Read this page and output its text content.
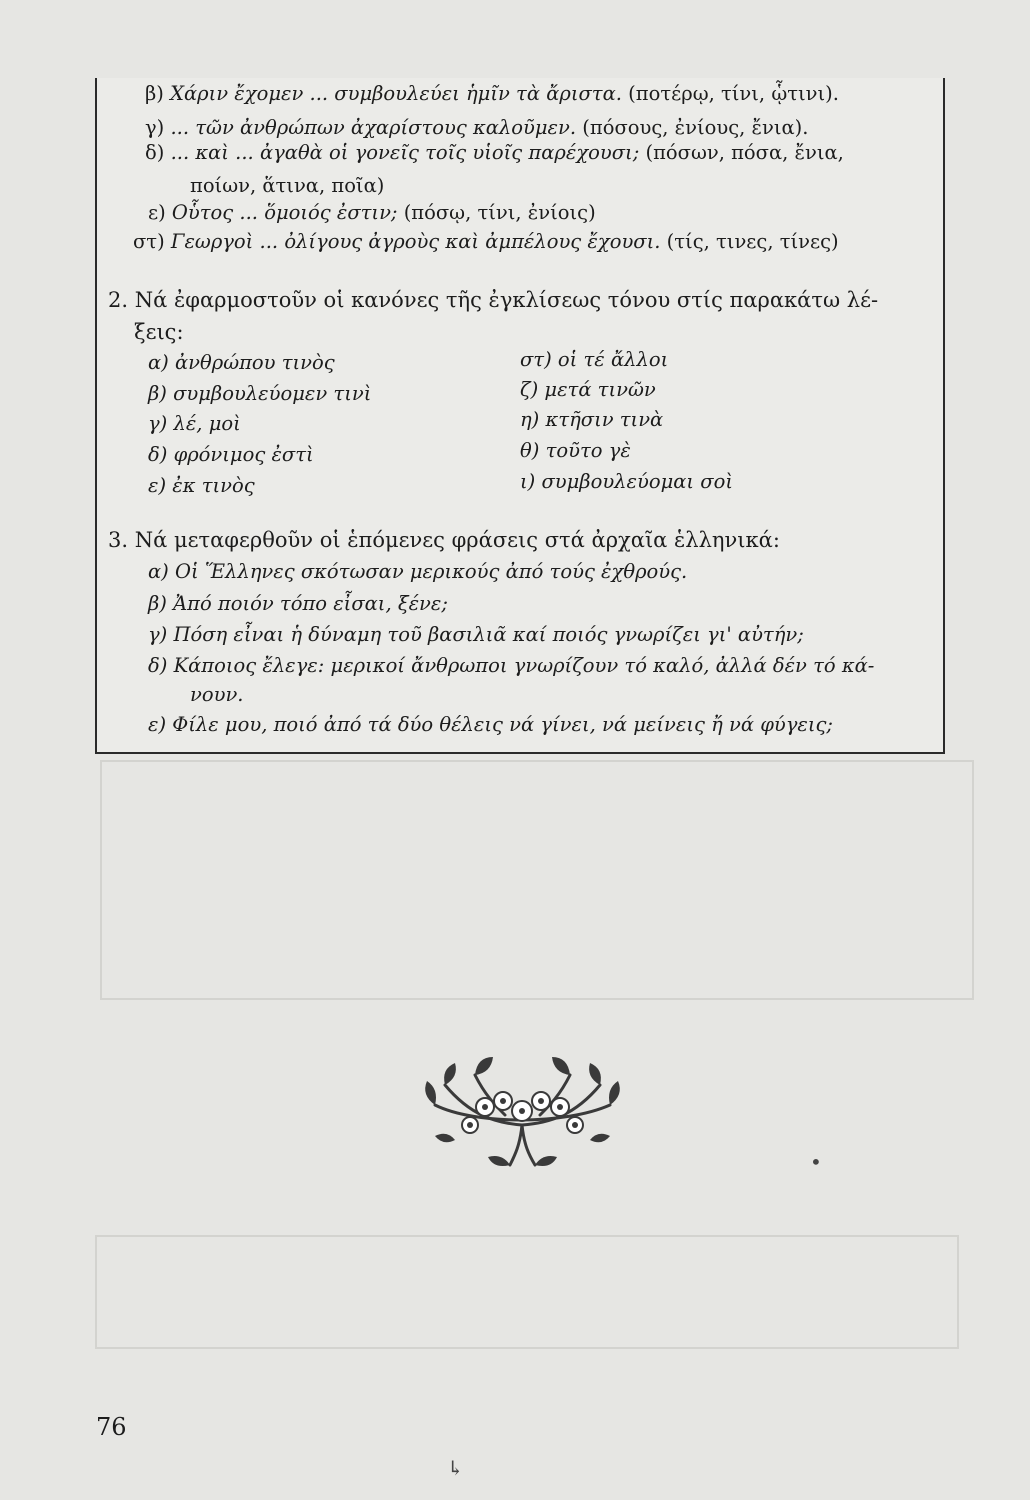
β) Χάριν ἔχομεν ... συμβουλεύει ἡμῖν τὰ ἄριστα. (ποτέρῳ, τίνι, ᾧτινι).
γ) ... τῶν ἀνθρώπων ἀχαρίστους καλοῦμεν. (πόσους, ἐνίους, ἔνια).
δ) ... καὶ ... ἀγαθὰ οἱ γονεῖς τοῖς υἱοῖς παρέχουσι; (πόσων, πόσα, ἔνια,
ποίων, ἅτινα, ποῖα)
ε) Οὗτος ... ὅμοιός ἐστιν; (πόσῳ, τίνι, ἐνίοις)
στ) Γεωργοὶ ... ὀλίγους ἀγροὺς καὶ ἀμπέλους ἔχουσι. (τίς, τινες, τίνες)
2. Νά ἐφαρμοστοῦν οἱ κανόνες τῆς ἐγκλίσεως τόνου στίς παρακάτω λέ-
ξεις:
α) ἀνθρώπου τινὸς
β) συμβουλεύομεν τινὶ
γ) λέ, μοὶ
δ) φρόνιμος ἐστὶ
ε) ἐκ τινὸς
στ) οἱ τέ ἄλλοι
ζ) μετά τινῶν
η) κτῆσιν τινὰ
θ) τοῦτο γὲ
ι) συμβουλεύομαι σοὶ
3. Νά μεταφερθοῦν οἱ ἑπόμενες φράσεις στά ἀρχαῖα ἑλληνικά:
α) Οἱ Ἕλληνες σκότωσαν μερικούς ἀπό τούς ἐχθρούς.
β) Ἀπό ποιόν τόπο εἶσαι, ξένε;
γ) Πόση εἶναι ἡ δύναμη τοῦ βασιλιᾶ καί ποιός γνωρίζει γι' αὐτήν;
δ) Κάποιος ἔλεγε: μερικοί ἄνθρωποι γνωρίζουν τό καλό, ἀλλά δέν τό κά-
νουν.
ε) Φίλε μου, ποιό ἀπό τά δύο θέλεις νά γίνει, νά μείνεις ἤ νά φύγεις;
•
↳
76
